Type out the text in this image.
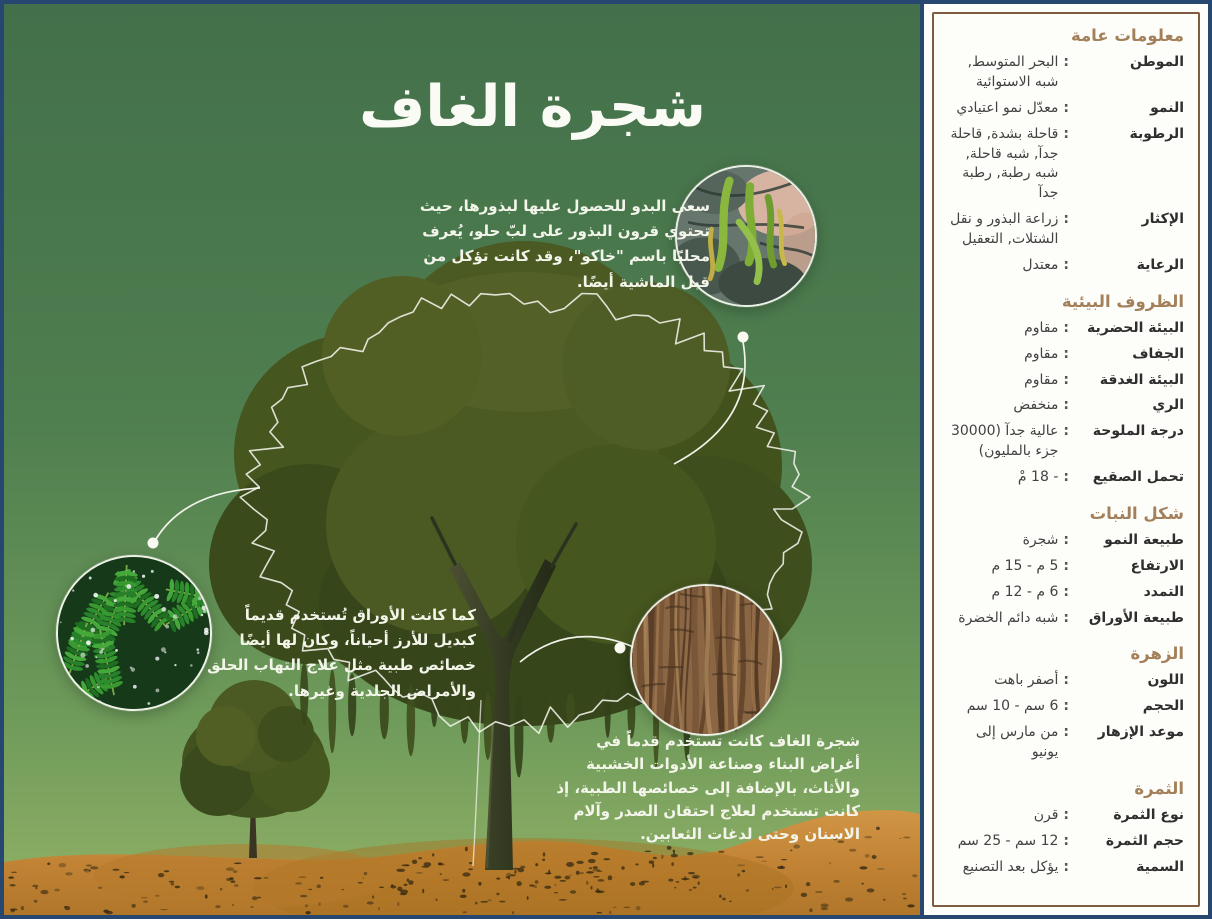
شجرة الغاف

سعى البدو للحصول عليها لبذورها، حيث تحتوي قرون البذور على لبّ حلو، يُعرف محليًا باسم "خاكو"، وقد كانت تؤكل من قبل الماشية أيضًا.

كما كانت الأوراق تُستخدم قديماً كبديل للأرز أحياناً، وكان لها أيضًا خصائص طبية مثل علاج التهاب الحلق والأمراض الجلدية وغيرها.

شجرة الغاف كانت تستخدم قدماً في أغراض البناء وصناعة الأدوات الخشبية والأثاث، بالإضافة إلى خصائصها الطبية، إذ كانت تستخدم لعلاج احتقان الصدر وآلام الاسنان وحتى لدغات الثعابين.

معلومات عامة
الموطن
:
البحر المتوسط, شبه الاستوائية
النمو
:
معدّل نمو اعتيادي
الرطوبة
:
قاحلة بشدة, قاحلة جدآ, شبه قاحلة, شبه رطبة, رطبة جدآ
الإكثار
:
زراعة البذور و نقل الشتلات, التعقيل
الرعاية
:
معتدل
الظروف البيئية
البيئة الحضرية
:
مقاوم
الجفاف
:
مقاوم
البيئة الغدقة
:
مقاوم
الري
:
منخفض
درجة الملوحة
:
عالية جدآ (30000 جزء بالمليون)
تحمل الصقيع
:
- 18 مْ
شكل النبات
طبيعة النمو
:
شجرة
الارتفاع
:
5 م - 15 م
التمدد
:
6 م - 12 م
طبيعة الأوراق
:
شبه دائم الخضرة
الزهرة
اللون
:
أصفر باهت
الحجم
:
6 سم - 10 سم
موعد الإزهار
:
من مارس إلى يونيو
الثمرة
نوع الثمرة
:
قرن
حجم الثمرة
:
12 سم - 25 سم
السمية
:
يؤكل بعد التصنيع
